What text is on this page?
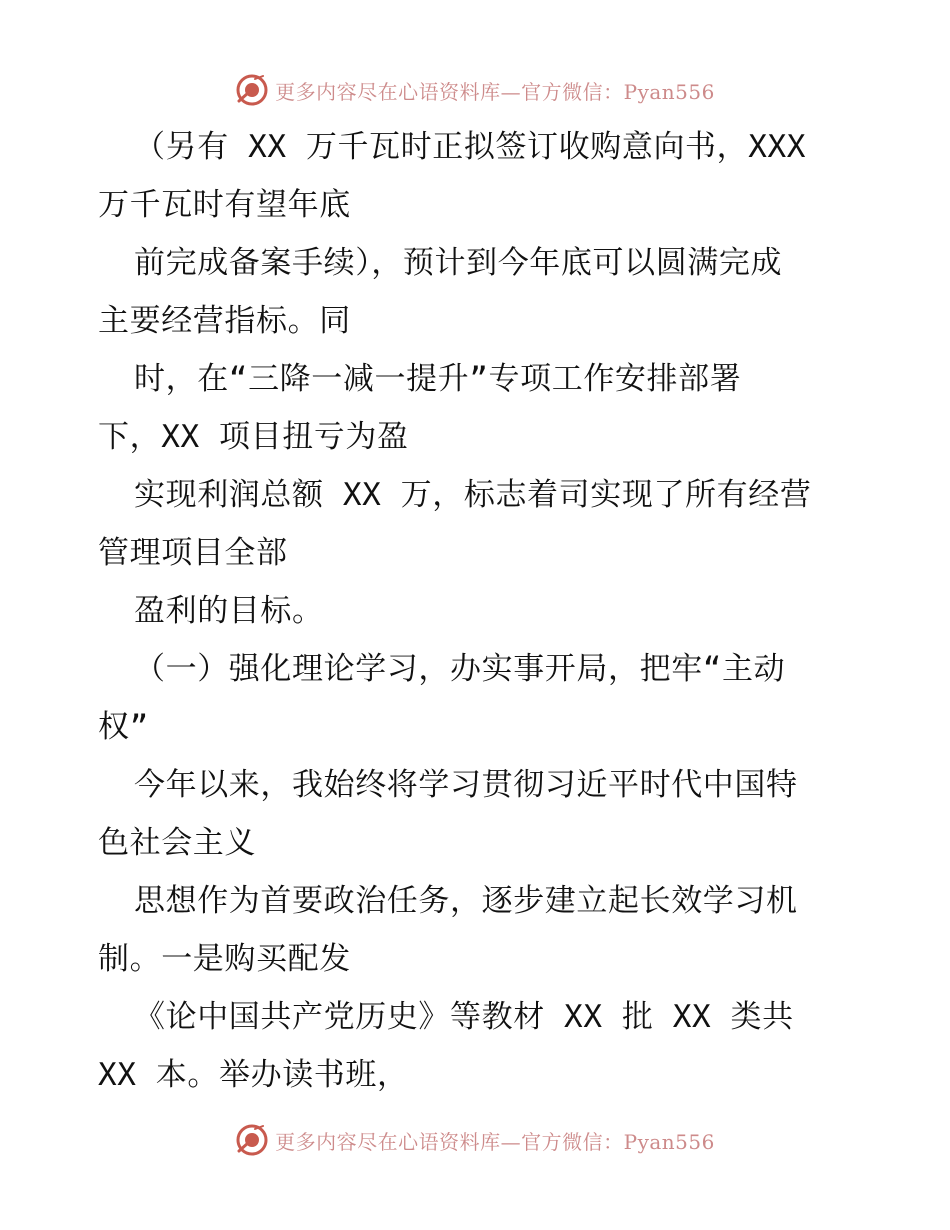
更多内容尽在心语资料库—官方微信：Pyan556
（另有 XX 万千瓦时正拟签订收购意向书，XXX
万千瓦时有望年底
前完成备案手续），预计到今年底可以圆满完成
主要经营指标。同
时，在“三降一减一提升”专项工作安排部署
下，XX 项目扭亏为盈
实现利润总额 XX 万，标志着司实现了所有经营
管理项目全部
盈利的目标。
（一）强化理论学习，办实事开局，把牢“主动
权”
今年以来，我始终将学习贯彻习近平时代中国特
色社会主义
思想作为首要政治任务，逐步建立起长效学习机
制。一是购买配发
《论中国共产党历史》等教材 XX 批 XX 类共
XX 本。举办读书班，
更多内容尽在心语资料库—官方微信：Pyan556
